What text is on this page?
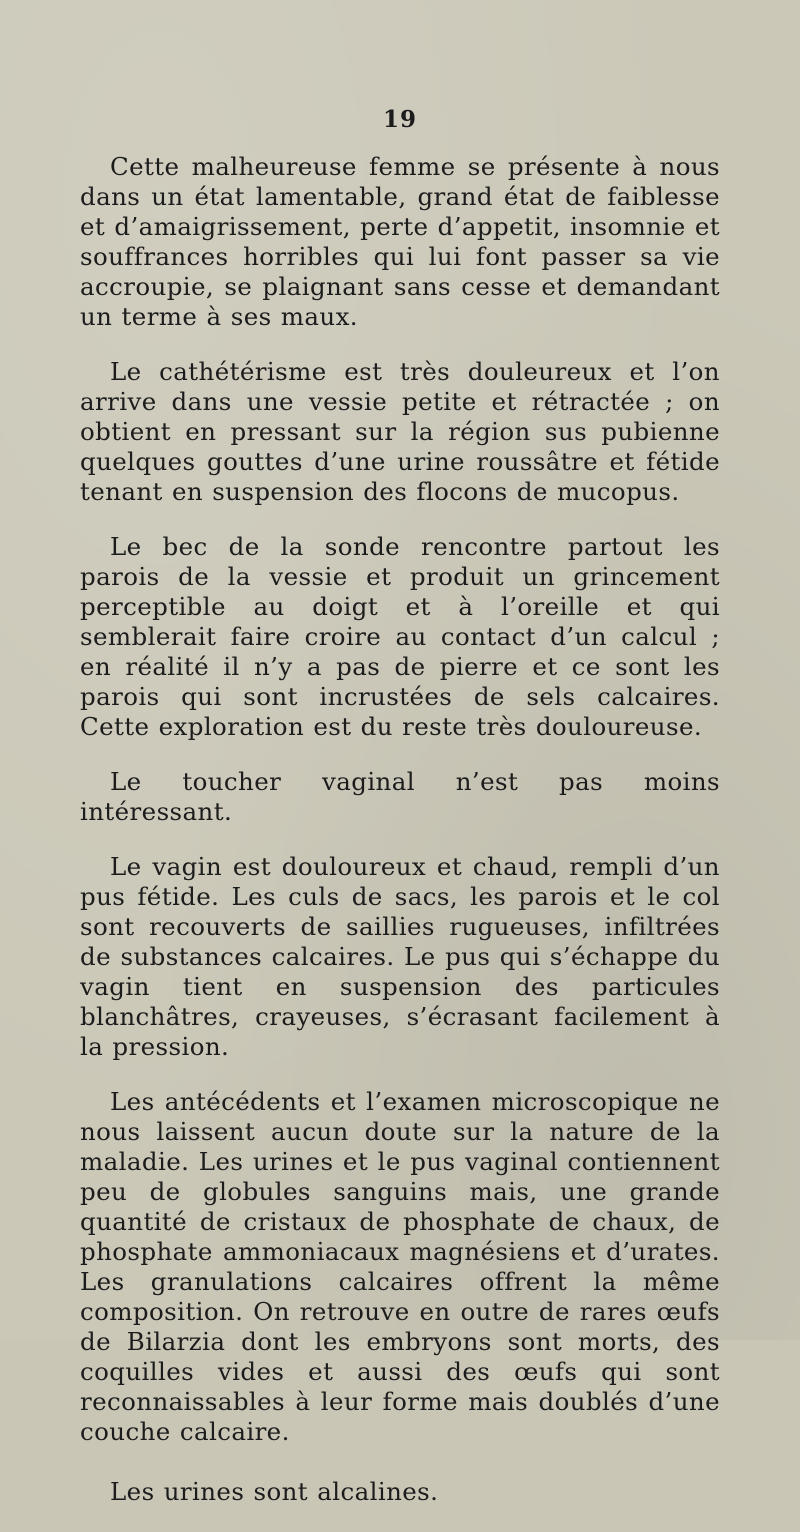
19

Cette malheureuse femme se présente à nous dans un état lamentable, grand état de faiblesse et d’amaigrissement, perte d’appetit, insomnie et souffrances horribles qui lui font passer sa vie accroupie, se plaignant sans cesse et demandant un terme à ses maux.

Le cathétérisme est très douleureux et l’on arrive dans une vessie petite et rétractée ; on obtient en pressant sur la région sus pubienne quelques gouttes d’une urine roussâtre et fétide tenant en suspension des flocons de mucopus.

Le bec de la sonde rencontre partout les parois de la vessie et produit un grincement perceptible au doigt et à l’oreille et qui semblerait faire croire au contact d’un calcul ; en réalité il n’y a pas de pierre et ce sont les parois qui sont incrustées de sels calcaires. Cette exploration est du reste très douloureuse.

Le toucher vaginal n’est pas moins intéressant.

Le vagin est douloureux et chaud, rempli d’un pus fétide. Les culs de sacs, les parois et le col sont recouverts de saillies rugueuses, infiltrées de substances calcaires. Le pus qui s’échappe du vagin tient en suspension des particules blanchâtres, crayeuses, s’écrasant facilement à la pression.

Les antécédents et l’examen microscopique ne nous laissent aucun doute sur la nature de la maladie. Les urines et le pus vaginal contiennent peu de globules sanguins mais, une grande quantité de cristaux de phosphate de chaux, de phosphate ammoniacaux magnésiens et d’urates. Les granulations calcaires offrent la même composition. On retrouve en outre de rares œufs de Bilarzia dont les embryons sont morts, des coquilles vides et aussi des œufs qui sont reconnaissables à leur forme mais doublés d’une couche calcaire.

Les urines sont alcalines.
